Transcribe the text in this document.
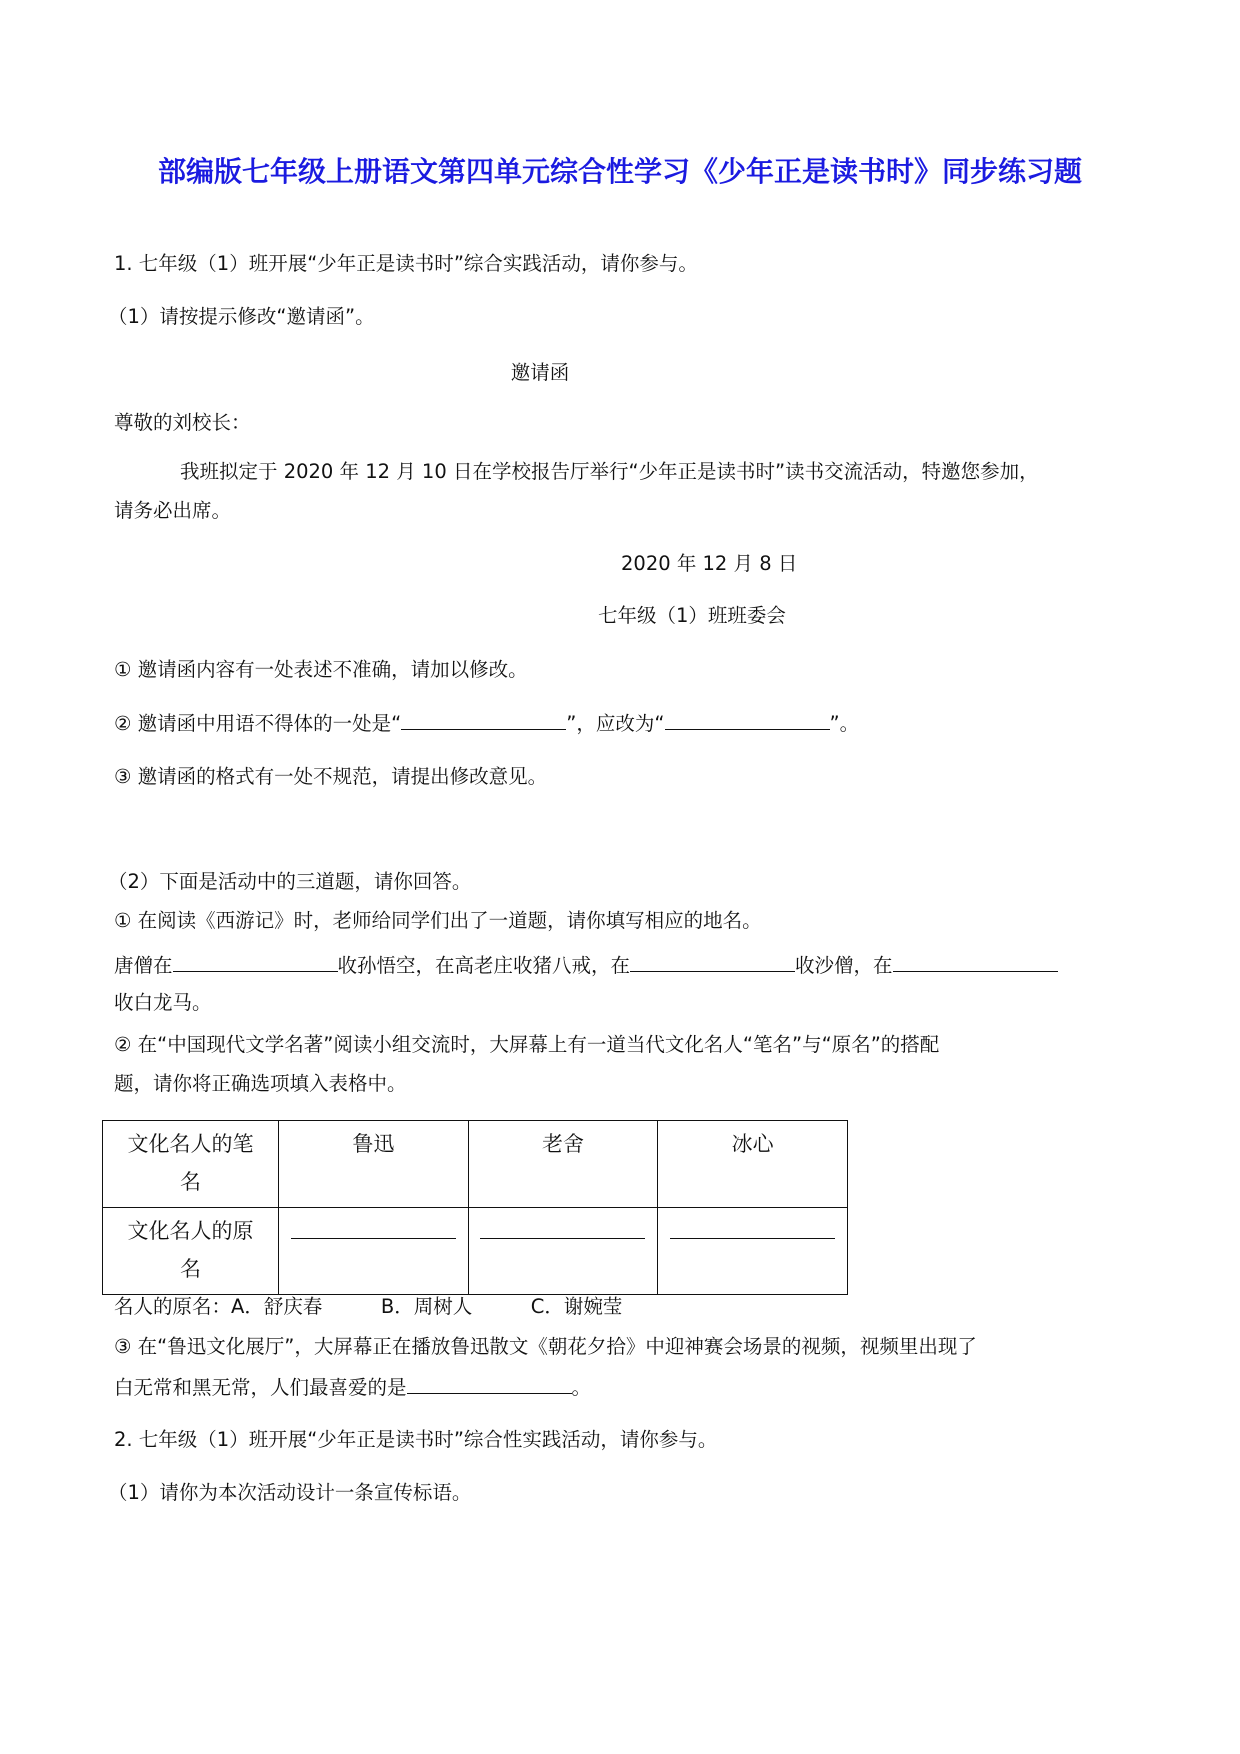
部编版七年级上册语文第四单元综合性学习《少年正是读书时》同步练习题
1. 七年级（1）班开展“少年正是读书时”综合实践活动，请你参与。
（1）请按提示修改“邀请函”。
邀请函
尊敬的刘校长：
我班拟定于 2020 年 12 月 10 日在学校报告厅举行“少年正是读书时”读书交流活动，特邀您参加，
请务必出席。
2020 年 12 月 8 日
七年级（1）班班委会
① 邀请函内容有一处表述不准确，请加以修改。
② 邀请函中用语不得体的一处是“	”，应改为“	”。
③ 邀请函的格式有一处不规范，请提出修改意见。
（2）下面是活动中的三道题，请你回答。
① 在阅读《西游记》时，老师给同学们出了一道题，请你填写相应的地名。
唐僧在	收孙悟空，在高老庄收猪八戒，在	收沙僧，在
收白龙马。
② 在“中国现代文学名著”阅读小组交流时，大屏幕上有一道当代文化名人“笔名”与“原名”的搭配
题，请你将正确选项填入表格中。
文化名人的笔
名	鲁迅	老舍	冰心
文化名人的原
名			
名人的原名：A．舒庆春　　　B．周树人　　　C．谢婉莹
③ 在“鲁迅文化展厅”，大屏幕正在播放鲁迅散文《朝花夕拾》中迎神赛会场景的视频，视频里出现了
白无常和黑无常，人们最喜爱的是	。
2. 七年级（1）班开展“少年正是读书时”综合性实践活动，请你参与。
（1）请你为本次活动设计一条宣传标语。
